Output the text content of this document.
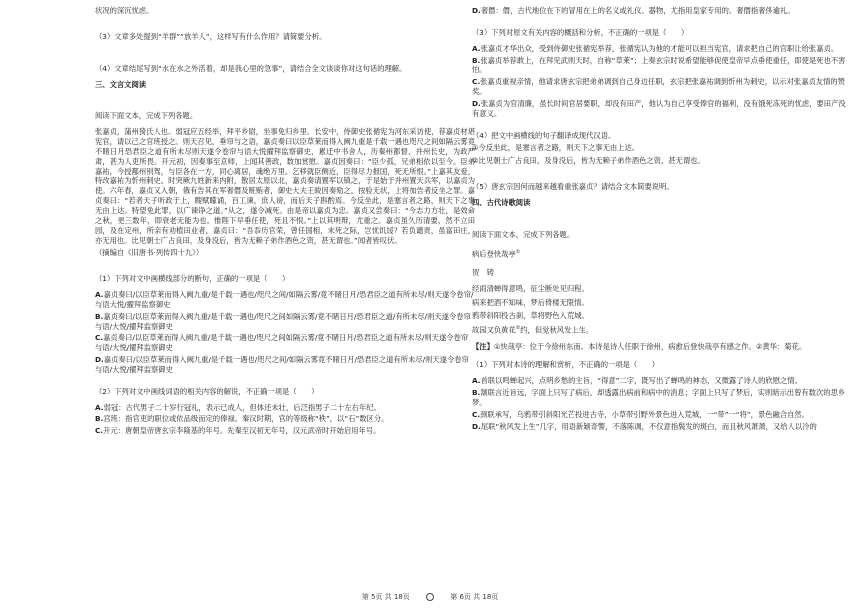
状况的深沉忧虑。

（3）文章多处提到“羊群”“放羊人”，这样写有什么作用？请简要分析。

（4）文章结尾写到“水在水之外活着，却是我心里的急事”，请结合全文谈谈你对这句话的理解。

三、文言文阅读

阅读下面文本，完成下列各题。

张嘉贞，蒲州猗氏人也。弱冠应五经举，拜平乡尉，坐事免归乡里。长安中，侍御史张循宪为河东采访使，荐嘉贞材堪宪官，请以己之官班授之。则天召见，垂帘与之语，嘉贞奏曰以臣草莱而得入阙九重是千载一遇也咫尺之间如隔云雾竟不睹日月恐君臣之道有所未尽则天遂令卷帘与语大悦擢拜监察御史，累迁中书舍人，历秦州都督、并州长史，为政严肃，甚为人吏所畏。开元初，因奏事至京师，上闻其善政，数加赏慰。嘉贞因奏曰：“臣少孤，兄弟相依以至今。臣弟嘉祐，今授鄯州别驾，与臣各在一方，同心离居，魂绝万里。乞移就臣侧近，臣得尽力报国，死无所恨。”上嘉其友爱，特改嘉祐为忻州刺史。时突厥九姓新来内附，散居太原以北，嘉贞奏请置军以镇之，于是始于并州置天兵军，以嘉贞为使。六年春，嘉贞又入朝，俄有告其在军奢僭及赃贿者，御史大夫王晙因奏劾之，按验无状，上将加告者反坐之罪。嘉贞奏曰：“若者天子听政于上，瞍赋矇诵，百工谏，庶人谤，而后天子斟酌焉。今反坐此，是塞言者之路，则天下之事无由上达。特望免此罪，以广谏诤之道。”从之，遂令减死。由是帝以嘉贞为忠。嘉贞又尝奏曰：“今志力方壮，是效命之秋，更三数年，即衰老无能为也。惟陛下早垂任使，死且不恨。”上以其明辩，尤重之。嘉贞虽久历清要，然不立田园，及在定州，所亲有劝植田业者，嘉贞曰：“吾忝历官荣，曾任国相，未死之际，岂忧饥馁？若负谴责，虽富田庄，亦无用也。比见朝士广占良田，及身没后，皆为无赖子弟作酒色之资，甚无谓也。”闻者皆叹伏。

（摘编自《旧唐书·列传四十九》）

（1）下列对文中画横线部分的断句，正确的一项是（　　）

A.嘉贞奏曰/以臣草莱而得入阙九重/是千载一遇也/咫尺之间/如隔云雾/竟不睹日月/恐君臣之道有所未尽/则天遂令卷帘/与语大悦/擢拜监察御史

B.嘉贞奏曰/以臣草莱而得入阙九重/是千载一遇也/咫尺之间如隔云雾/竟不睹日月/恐君臣之道/有所未尽/则天遂令卷帘与语/大悦/擢拜监察御史

C.嘉贞奏曰/以臣草莱而得入阙九重/是千载一遇也/咫尺之间如隔云雾/竟不睹日月/恐君臣之道有所未尽/则天遂令卷帘与语/大悦/擢拜监察御史

D.嘉贞奏曰/以臣草莱而得入阙九重/是千载一遇也/咫尺之间/如隔云雾竟不睹日月/恐君臣之道有所未尽/则天遂令卷帘与语/大悦/擢拜监察御史

（2）下列对文中画线词语的相关内容的解说，不正确一项是（　　）

A.弱冠：古代男子二十岁行冠礼，表示已成人，但体还未壮，后泛指男子二十左右年纪。

B.宫班：指官吏的职位或依品级而定的俸禄。秦汉时期，官的等级称“秩”，以“石”数区分。

C.开元：唐朝皇帝唐玄宗李隆基的年号。先秦至汉初无年号，汉元武帝时开始启用年号。

D.奢僭：僭，古代地位在下的冒用在上的名义或礼仪、器物，尤指用皇家专用的。奢僭指奢侈逾礼。

（3）下列对原文有关内容的概括和分析，不正确的一项是（　　）

A.张嘉贞才华出众，受到侍御史张循宪举荐，张循宪认为他的才能可以担当宪官，请求把自己的官职让给张嘉贞。

B.张嘉贞举荐敢上，在拜见武则天时，自称“草莱”；上奏玄宗时说希望能够促使皇帝早点垂使重任，即使是死也不害怕。

C.张嘉贞重视亲情，他请求唐玄宗把弟弟调到自己身边任职，玄宗把张嘉祐调到忻州为刺史，以示对张嘉贞友情的赞奖。

D.张嘉贞为官清廉，虽长时间官居要职，却没有田产，他认为自己享受俸官的福利，没有饿死冻死的忧虑，要田产没有意义。

（4）把文中画横线的句子翻译成现代汉语。

①今反坐此，是塞言者之路，则天下之事无由上达。

②比见朝士广占良田，及身没后，皆为无赖子弟作酒色之资，甚无谓也。

（5）唐玄宗因何而越来越看重张嘉贞？请结合文本简要说明。

四、古代诗歌阅读

阅读下面文本，完成下列各题。

病后登快哉亭①

贺　铸

经雨清蝉得意鸣，征尘断处见归程。

病来把酒不知味，梦后倚楼无限情。

鸦带斜阳投古刹，草将野色入荒城。

故园又负黄花②约，但觉秋风发上生。

【注】①快哉亭：位于今徐州东南。本诗是诗人任职于徐州，病愈后登快哉亭有感之作。②黄华：菊花。

（1）下列对本诗的理解和赏析，不正确的一项是（　　）

A.首联以鸣蝉起兴，点明乡愁的主旨，“得意”二字，既写出了蝉鸣的神态，又微露了诗人的欣慰之情。

B.颔联言近旨远，字面上只写了病后，却透露出病前和病中的消息；字面上只写了梦后，实则暗示出曾有数次的思乡梦。

C.颈联承写，乌鸦带引斜阳光芒投进古寺，小草带引野外景色进入荒城，一“带”一“将”，景色融合自然。

D.尾联“秋风发上生”几字，用语新颖奇警，不落陈调，不仅意指鬓发的斑白，而且秋风萧萧，又给人以冷的

第 5页 共 18页	第 6页 共 18页
